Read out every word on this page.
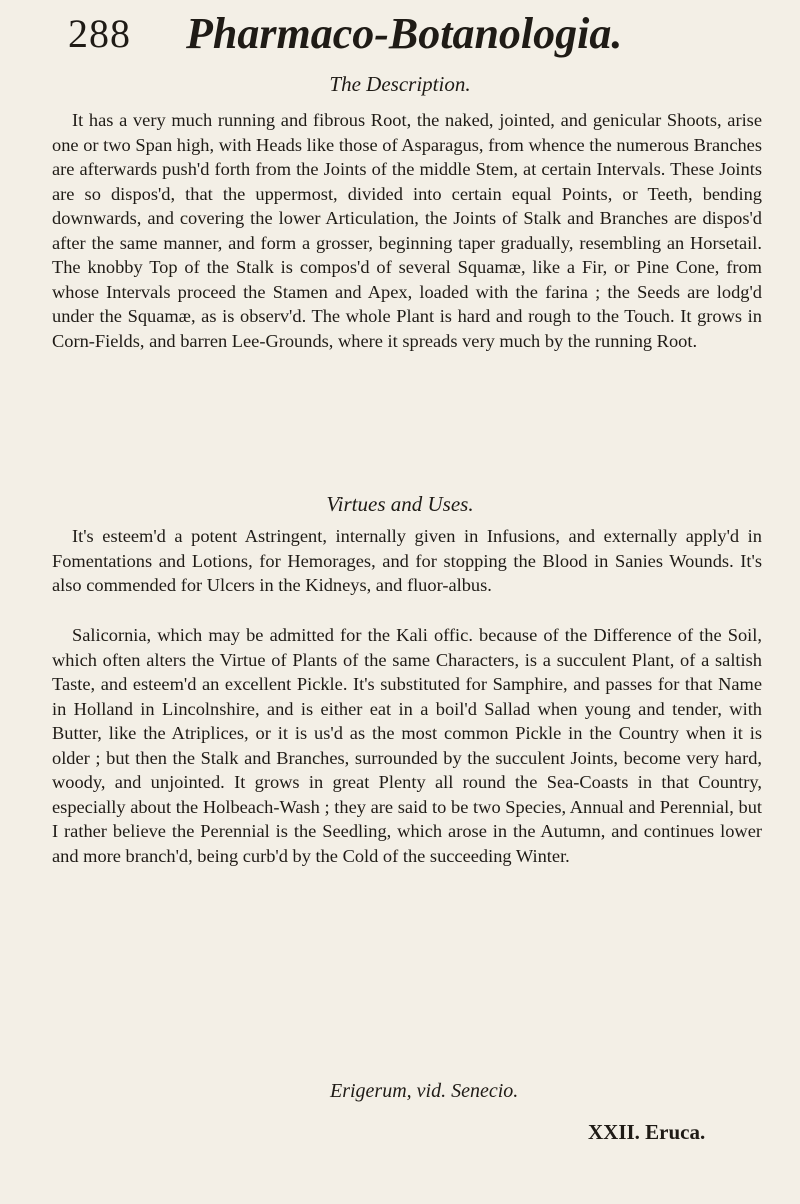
288 Pharmaco-Botanologia.
The Description.

It has a very much running and fibrous Root, the naked, jointed, and genicular Shoots, arise one or two Span high, with Heads like those of Asparagus, from whence the numerous Branches are afterwards push'd forth from the Joints of the middle Stem, at certain Intervals. These Joints are so dispos'd, that the uppermost, divided into certain equal Points, or Teeth, bending downwards, and covering the lower Articulation, the Joints of Stalk and Branches are dispos'd after the same manner, and form a grosser, beginning taper gradually, resembling an Horsetail. The knobby Top of the Stalk is compos'd of several Squamæ, like a Fir, or Pine Cone, from whose Intervals proceed the Stamen and Apex, loaded with the farina ; the Seeds are lodg'd under the Squamæ, as is observ'd. The whole Plant is hard and rough to the Touch. It grows in Corn-Fields, and barren Lee-Grounds, where it spreads very much by the running Root.

Virtues and Uses.

It's esteem'd a potent Astringent, internally given in Infusions, and externally apply'd in Fomentations and Lotions, for Hemorages, and for stopping the Blood in Sanies Wounds. It's also commended for Ulcers in the Kidneys, and fluor-albus.

Salicornia, which may be admitted for the Kali offic. because of the Difference of the Soil, which often alters the Virtue of Plants of the same Characters, is a succulent Plant, of a saltish Taste, and esteem'd an excellent Pickle. It's substituted for Samphire, and passes for that Name in Holland in Lincolnshire, and is either eat in a boil'd Sallad when young and tender, with Butter, like the Atriplices, or it is us'd as the most common Pickle in the Country when it is older ; but then the Stalk and Branches, surrounded by the succulent Joints, become very hard, woody, and unjointed. It grows in great Plenty all round the Sea-Coasts in that Country, especially about the Holbeach-Wash ; they are said to be two Species, Annual and Perennial, but I rather believe the Perennial is the Seedling, which arose in the Autumn, and continues lower and more branch'd, being curb'd by the Cold of the succeeding Winter.

Erigerum, vid. Senecio.
XXII. Eruca.
